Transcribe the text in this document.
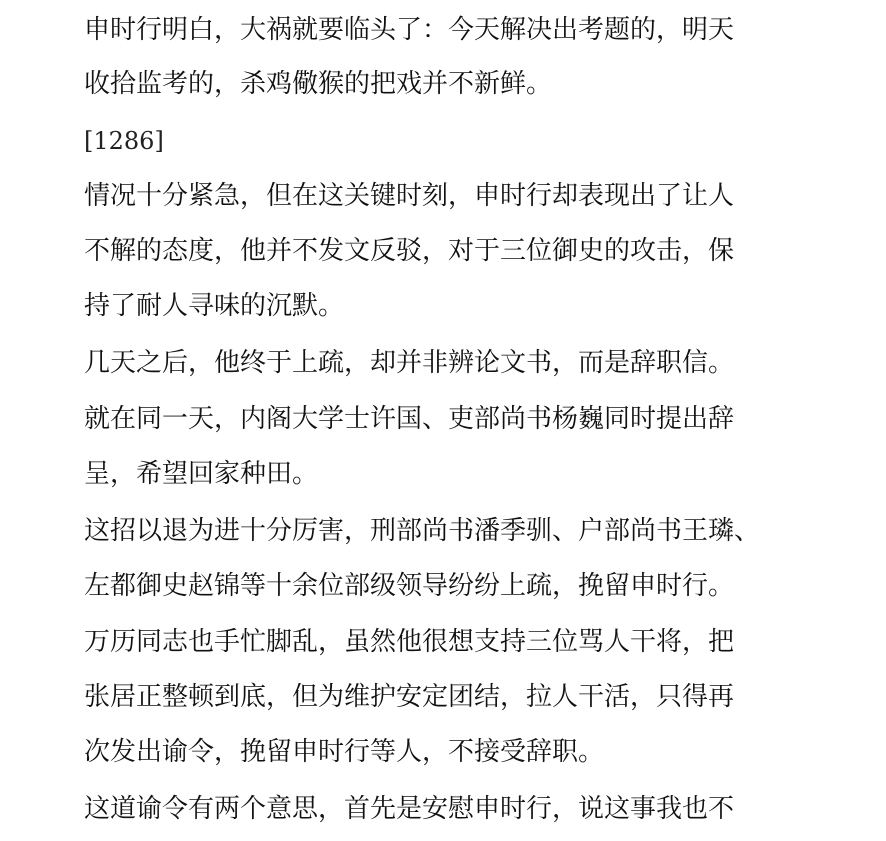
申时行明白，大祸就要临头了：今天解决出考题的，明天

收拾监考的，杀鸡儆猴的把戏并不新鲜。

[1286]

情况十分紧急，但在这关键时刻，申时行却表现出了让人

不解的态度，他并不发文反驳，对于三位御史的攻击，保

持了耐人寻味的沉默。

几天之后，他终于上疏，却并非辨论文书，而是辞职信。

就在同一天，内阁大学士许国、吏部尚书杨巍同时提出辞

呈，希望回家种田。

这招以退为进十分厉害，刑部尚书潘季驯、户部尚书王璘、

左都御史赵锦等十余位部级领导纷纷上疏，挽留申时行。

万历同志也手忙脚乱，虽然他很想支持三位骂人干将，把

张居正整顿到底，但为维护安定团结，拉人干活，只得再

次发出谕令，挽留申时行等人，不接受辞职。

这道谕令有两个意思，首先是安慰申时行，说这事我也不
